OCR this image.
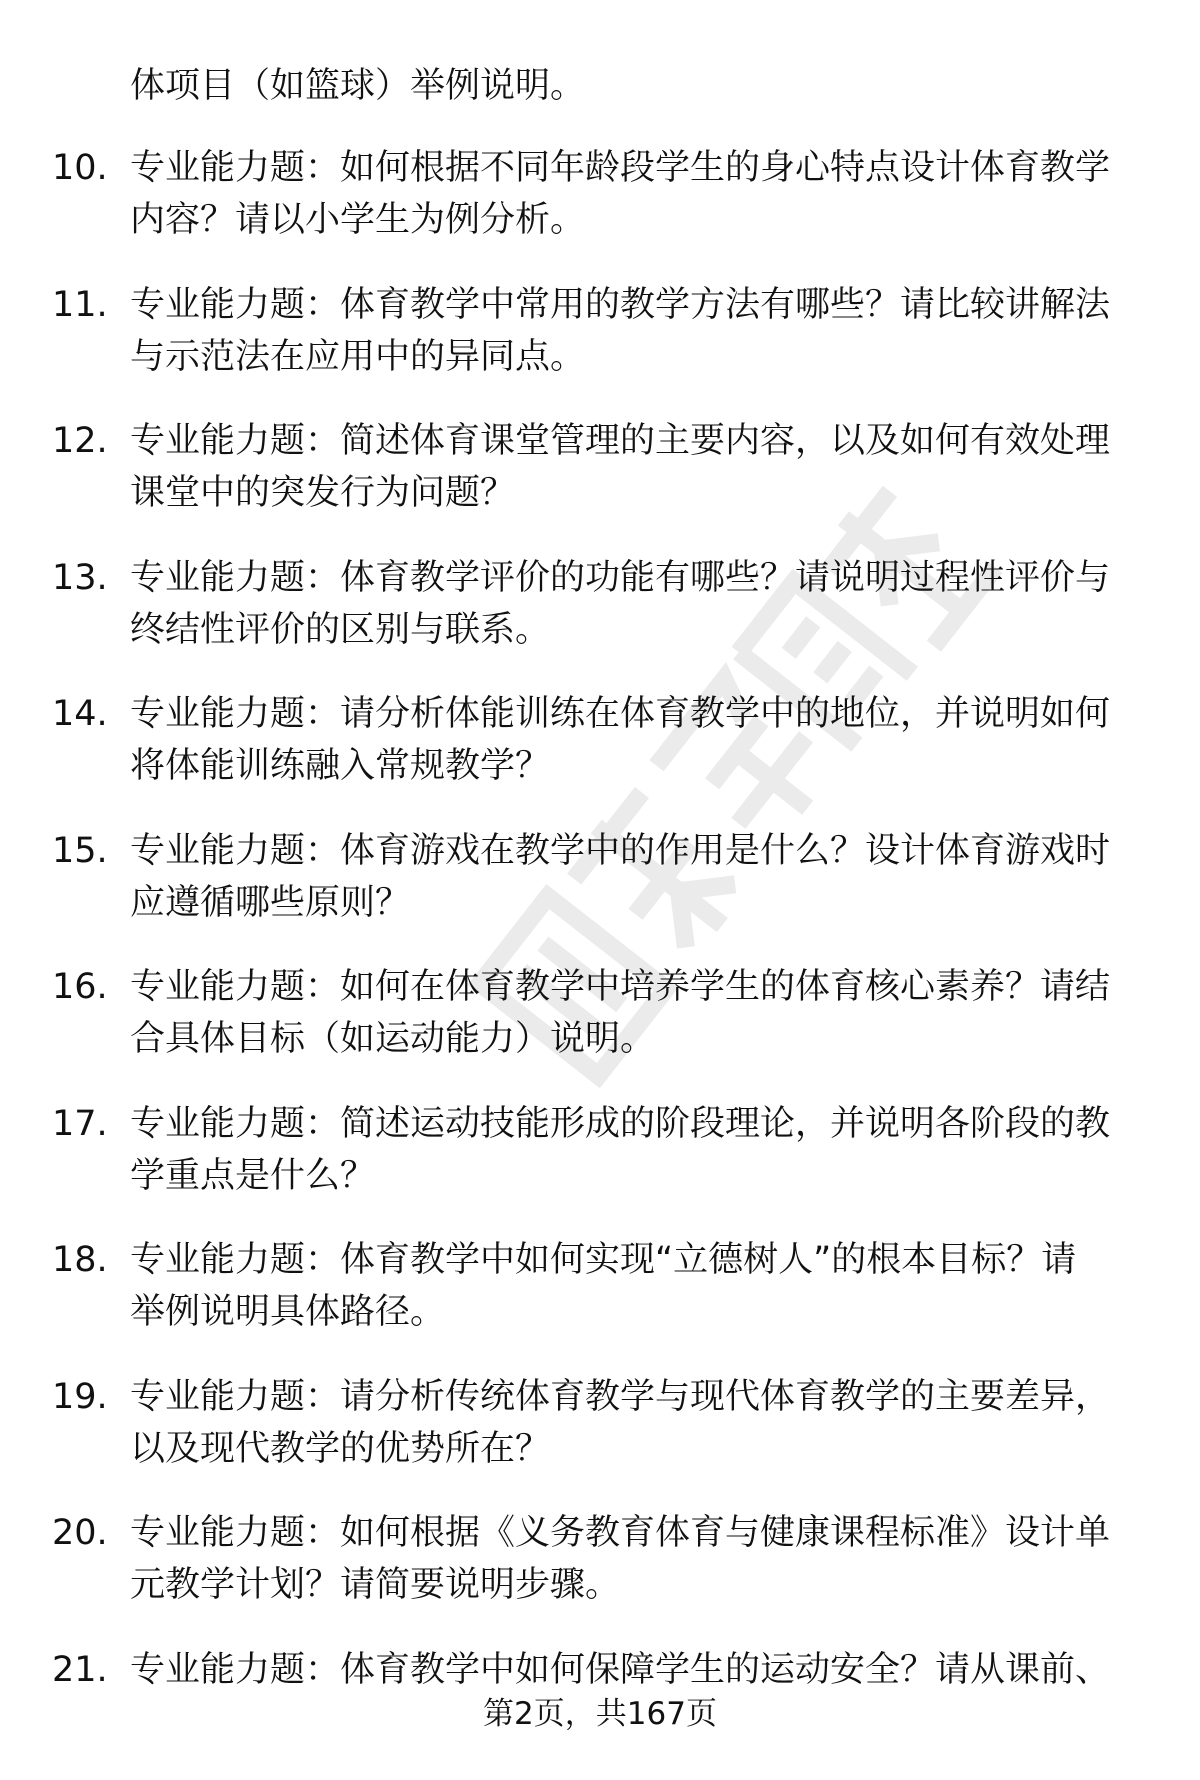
体项目（如篮球）举例说明。
10. 专业能力题：如何根据不同年龄段学生的身心特点设计体育教学
内容？请以小学生为例分析。
11. 专业能力题：体育教学中常用的教学方法有哪些？请比较讲解法
与示范法在应用中的异同点。
12. 专业能力题：简述体育课堂管理的主要内容，以及如何有效处理
课堂中的突发行为问题？
13. 专业能力题：体育教学评价的功能有哪些？请说明过程性评价与
终结性评价的区别与联系。
14. 专业能力题：请分析体能训练在体育教学中的地位，并说明如何
将体能训练融入常规教学？
15. 专业能力题：体育游戏在教学中的作用是什么？设计体育游戏时
应遵循哪些原则？
16. 专业能力题：如何在体育教学中培养学生的体育核心素养？请结
合具体目标（如运动能力）说明。
17. 专业能力题：简述运动技能形成的阶段理论，并说明各阶段的教
学重点是什么？
18. 专业能力题：体育教学中如何实现“立德树人”的根本目标？请
举例说明具体路径。
19. 专业能力题：请分析传统体育教学与现代体育教学的主要差异，
以及现代教学的优势所在？
20. 专业能力题：如何根据《义务教育体育与健康课程标准》设计单
元教学计划？请简要说明步骤。
21. 专业能力题：体育教学中如何保障学生的运动安全？请从课前、
第2页，共167页
